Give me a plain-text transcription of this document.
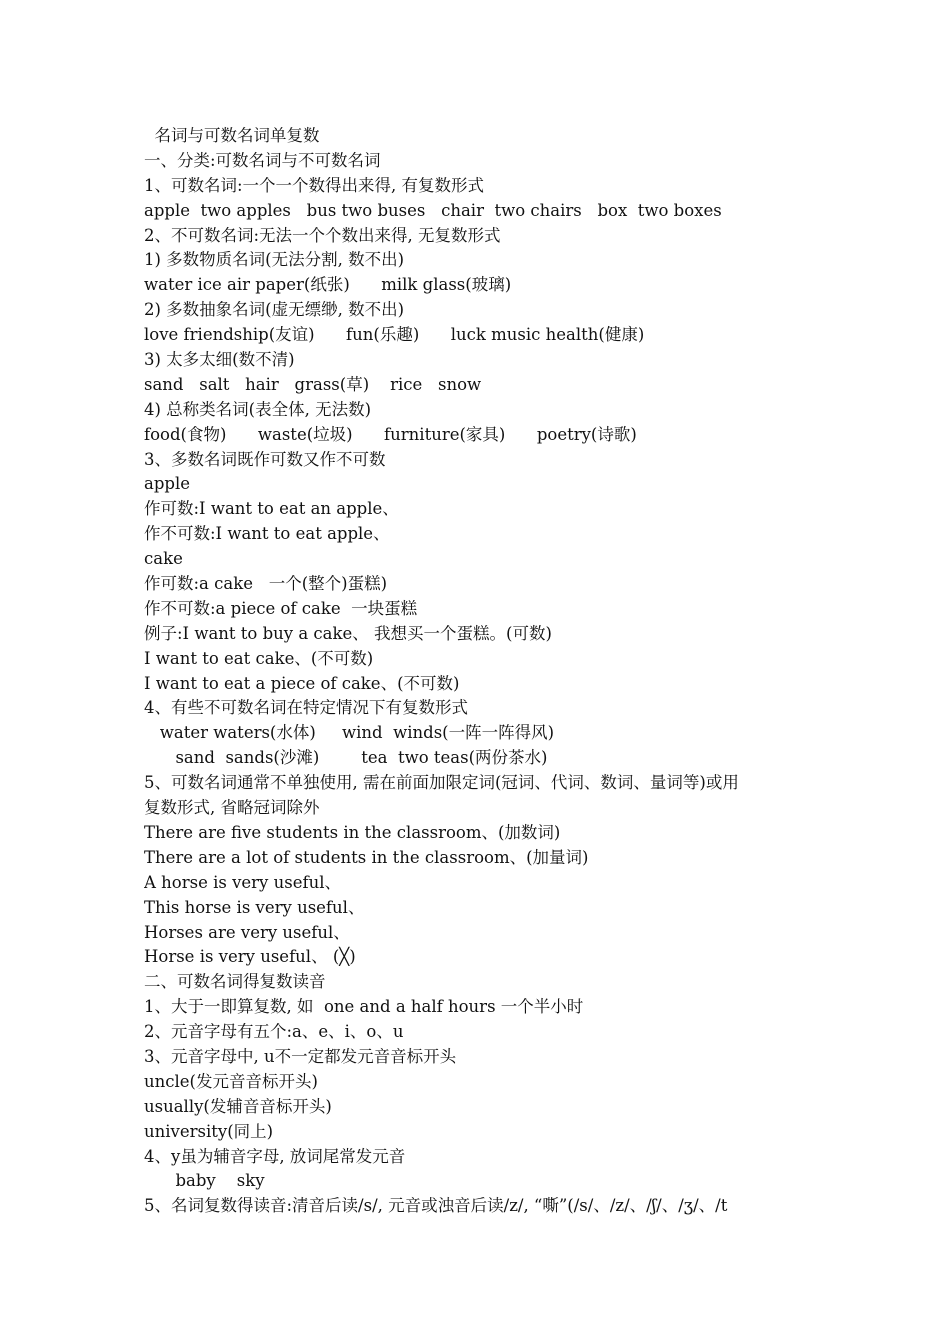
名词与可数名词单复数
一、分类:可数名词与不可数名词
1、可数名词:一个一个数得出来得, 有复数形式
apple  two apples   bus two buses   chair  two chairs   box  two boxes
2、不可数名词:无法一个个数出来得, 无复数形式
1) 多数物质名词(无法分割, 数不出)
water ice air paper(纸张)      milk glass(玻璃)
2) 多数抽象名词(虚无缥缈, 数不出)
love friendship(友谊)      fun(乐趣)      luck music health(健康)
3) 太多太细(数不清)
sand   salt   hair   grass(草)    rice   snow
4) 总称类名词(表全体, 无法数)
food(食物)      waste(垃圾)      furniture(家具)      poetry(诗歌)
3、多数名词既作可数又作不可数
apple
作可数:I want to eat an apple、
作不可数:I want to eat apple、
cake
作可数:a cake   一个(整个)蛋糕)
作不可数:a piece of cake  一块蛋糕
例子:I want to buy a cake、 我想买一个蛋糕。(可数)
I want to eat cake、(不可数)
I want to eat a piece of cake、(不可数)
4、有些不可数名词在特定情况下有复数形式
water waters(水体)     wind  winds(一阵一阵得风)
sand  sands(沙滩)        tea  two teas(两份茶水)
5、可数名词通常不单独使用, 需在前面加限定词(冠词、代词、数词、量词等)或用
复数形式, 省略冠词除外
There are five students in the classroom、(加数词)
There are a lot of students in the classroom、(加量词)
A horse is very useful、
This horse is very useful、
Horses are very useful、
Horse is very useful、 (╳)
二、可数名词得复数读音
1、大于一即算复数, 如  one and a half hours 一个半小时
2、元音字母有五个:a、e、i、o、u
3、元音字母中, u不一定都发元音音标开头
uncle(发元音音标开头)
usually(发辅音音标开头)
university(同上)
4、y虽为辅音字母, 放词尾常发元音
baby    sky
5、名词复数得读音:清音后读/s/, 元音或浊音后读/z/, “嘶”(/s/、/z/、/ʃ/、/ʒ/、/t
